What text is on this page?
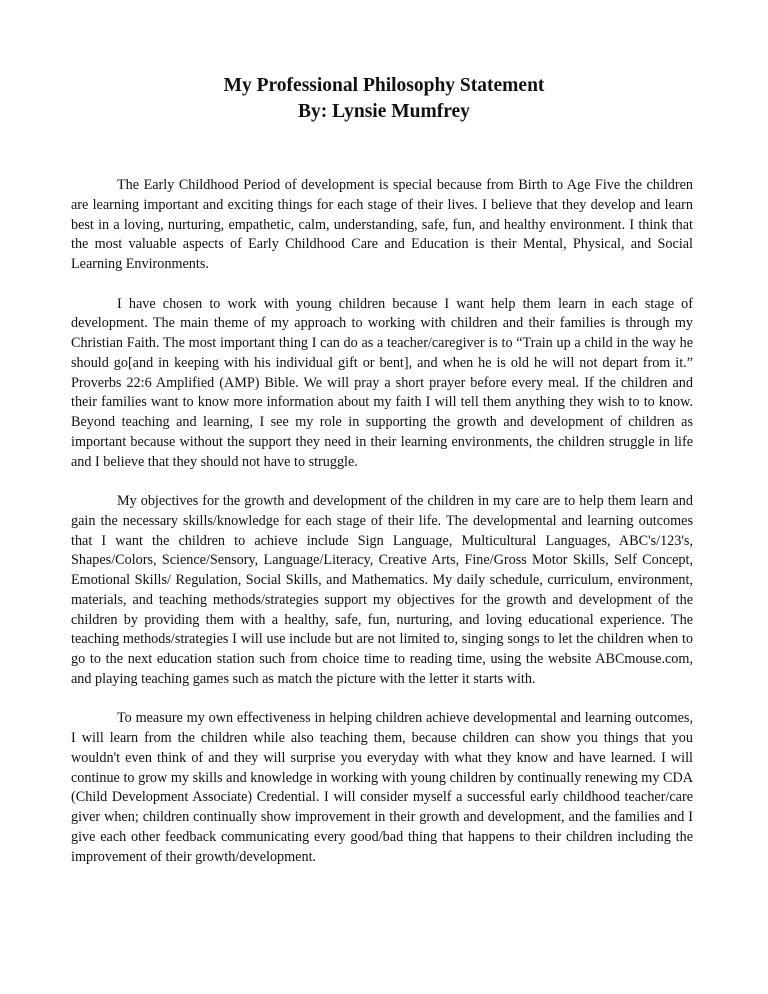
My Professional Philosophy Statement
By: Lynsie Mumfrey

The Early Childhood Period of development is special because from Birth to Age Five the children are learning important and exciting things for each stage of their lives. I believe that they develop and learn best in a loving, nurturing, empathetic, calm, understanding, safe, fun, and healthy environment. I think that the most valuable aspects of Early Childhood Care and Education is their Mental, Physical, and Social Learning Environments.

I have chosen to work with young children because I want help them learn in each stage of development. The main theme of my approach to working with children and their families is through my Christian Faith. The most important thing I can do as a teacher/caregiver is to “Train up a child in the way he should go[and in keeping with his individual gift or bent], and when he is old he will not depart from it.” Proverbs 22:6 Amplified (AMP) Bible. We will pray a short prayer before every meal. If the children and their families want to know more information about my faith I will tell them anything they wish to to know. Beyond teaching and learning, I see my role in supporting the growth and development of children as important because without the support they need in their learning environments, the children struggle in life and I believe that they should not have to struggle.

My objectives for the growth and development of the children in my care are to help them learn and gain the necessary skills/knowledge for each stage of their life. The developmental and learning outcomes that I want the children to achieve include Sign Language, Multicultural Languages, ABC's/123's, Shapes/Colors, Science/Sensory, Language/Literacy, Creative Arts, Fine/Gross Motor Skills, Self Concept, Emotional Skills/ Regulation, Social Skills, and Mathematics. My daily schedule, curriculum, environment, materials, and teaching methods/strategies support my objectives for the growth and development of the children by providing them with a healthy, safe, fun, nurturing, and loving educational experience. The teaching methods/strategies I will use include but are not limited to, singing songs to let the children when to go to the next education station such from choice time to reading time, using the website ABCmouse.com, and playing teaching games such as match the picture with the letter it starts with.

To measure my own effectiveness in helping children achieve developmental and learning outcomes, I will learn from the children while also teaching them, because children can show you things that you wouldn't even think of and they will surprise you everyday with what they know and have learned. I will continue to grow my skills and knowledge in working with young children by continually renewing my CDA (Child Development Associate) Credential. I will consider myself a successful early childhood teacher/care giver when; children continually show improvement in their growth and development, and the families and I give each other feedback communicating every good/bad thing that happens to their children including the improvement of their growth/development.
